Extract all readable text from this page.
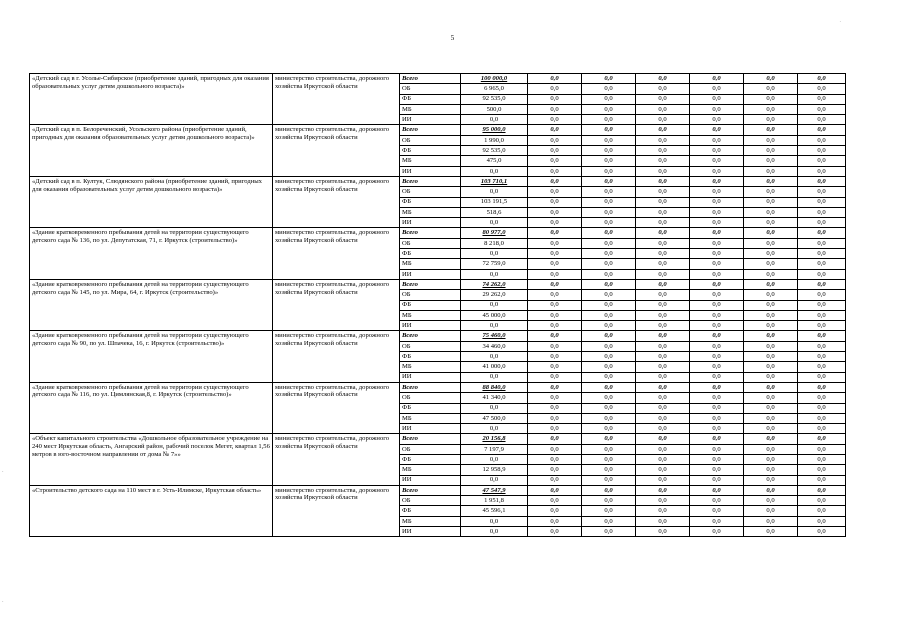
5
·
·
·
«Детский сад в г. Усолье-Сибирское (приобретение зданий, пригодных для оказания образовательных услуг детям дошкольного возраста)»	министерство строительства, дорожного хозяйства Иркутской области	Всего	100 000,0	0,0	0,0	0,0	0,0	0,0	0,0
		ОБ	6 965,0	0,0	0,0	0,0	0,0	0,0	0,0
		ФБ	92 535,0	0,0	0,0	0,0	0,0	0,0	0,0
		МБ	500,0	0,0	0,0	0,0	0,0	0,0	0,0
		ИИ	0,0	0,0	0,0	0,0	0,0	0,0	0,0
«Детский сад в п. Белореченский, Усольского района (приобретение зданий, пригодных для оказания образовательных услуг детям дошкольного возраста)»	министерство строительства, дорожного хозяйства Иркутской области	Всего	95 000,0	0,0	0,0	0,0	0,0	0,0	0,0
		ОБ	1 990,0	0,0	0,0	0,0	0,0	0,0	0,0
		ФБ	92 535,0	0,0	0,0	0,0	0,0	0,0	0,0
		МБ	475,0	0,0	0,0	0,0	0,0	0,0	0,0
		ИИ	0,0	0,0	0,0	0,0	0,0	0,0	0,0
«Детский сад в п. Култук, Слюдянского района (приобретение зданий, пригодных для оказания образовательных услуг детям дошкольного возраста)»	министерство строительства, дорожного хозяйства Иркутской области	Всего	103 710,1	0,0	0,0	0,0	0,0	0,0	0,0
		ОБ	0,0	0,0	0,0	0,0	0,0	0,0	0,0
		ФБ	103 191,5	0,0	0,0	0,0	0,0	0,0	0,0
		МБ	518,6	0,0	0,0	0,0	0,0	0,0	0,0
		ИИ	0,0	0,0	0,0	0,0	0,0	0,0	0,0
«Здание кратковременного пребывания детей на территории существующего детского сада № 136, по ул. Депутатская, 71, г. Иркутск (строительство)»	министерство строительства, дорожного хозяйства Иркутской области	Всего	80 977,0	0,0	0,0	0,0	0,0	0,0	0,0
		ОБ	8 218,0	0,0	0,0	0,0	0,0	0,0	0,0
		ФБ	0,0	0,0	0,0	0,0	0,0	0,0	0,0
		МБ	72 759,0	0,0	0,0	0,0	0,0	0,0	0,0
		ИИ	0,0	0,0	0,0	0,0	0,0	0,0	0,0
«Здание кратковременного пребывания детей на территории существующего детского сада № 145, по ул. Мира, 64, г. Иркутск (строительство)»	министерство строительства, дорожного хозяйства Иркутской области	Всего	74 262,0	0,0	0,0	0,0	0,0	0,0	0,0
		ОБ	29 262,0	0,0	0,0	0,0	0,0	0,0	0,0
		ФБ	0,0	0,0	0,0	0,0	0,0	0,0	0,0
		МБ	45 000,0	0,0	0,0	0,0	0,0	0,0	0,0
		ИИ	0,0	0,0	0,0	0,0	0,0	0,0	0,0
«Здание кратковременного пребывания детей на территории существующего детского сада № 90, по ул. Шпачека, 16, г. Иркутск (строительство)»	министерство строительства, дорожного хозяйства Иркутской области	Всего	75 460,0	0,0	0,0	0,0	0,0	0,0	0,0
		ОБ	34 460,0	0,0	0,0	0,0	0,0	0,0	0,0
		ФБ	0,0	0,0	0,0	0,0	0,0	0,0	0,0
		МБ	41 000,0	0,0	0,0	0,0	0,0	0,0	0,0
		ИИ	0,0	0,0	0,0	0,0	0,0	0,0	0,0
«Здание кратковременного пребывания детей на территории существующего детского сада № 116, по ул. Цимлянская,8, г. Иркутск (строительство)»	министерство строительства, дорожного хозяйства Иркутской области	Всего	88 840,0	0,0	0,0	0,0	0,0	0,0	0,0
		ОБ	41 340,0	0,0	0,0	0,0	0,0	0,0	0,0
		ФБ	0,0	0,0	0,0	0,0	0,0	0,0	0,0
		МБ	47 500,0	0,0	0,0	0,0	0,0	0,0	0,0
		ИИ	0,0	0,0	0,0	0,0	0,0	0,0	0,0
«Объект капитального строительства «Дошкольное образовательное учреждение на 240 мест Иркутская область, Ангарский район, рабочий поселок Мегет, квартал 1,56 метров в юго-восточном направлении от дома № 7»»	министерство строительства, дорожного хозяйства Иркутской области	Всего	20 156,8	0,0	0,0	0,0	0,0	0,0	0,0
		ОБ	7 197,9	0,0	0,0	0,0	0,0	0,0	0,0
		ФБ	0,0	0,0	0,0	0,0	0,0	0,0	0,0
		МБ	12 958,9	0,0	0,0	0,0	0,0	0,0	0,0
		ИИ	0,0	0,0	0,0	0,0	0,0	0,0	0,0
«Строительство детского сада на 110 мест в г. Усть-Илимске, Иркутская область»	министерство строительства, дорожного хозяйства Иркутской области	Всего	47 547,9	0,0	0,0	0,0	0,0	0,0	0,0
		ОБ	1 951,8	0,0	0,0	0,0	0,0	0,0	0,0
		ФБ	45 596,1	0,0	0,0	0,0	0,0	0,0	0,0
		МБ	0,0	0,0	0,0	0,0	0,0	0,0	0,0
		ИИ	0,0	0,0	0,0	0,0	0,0	0,0	0,0
